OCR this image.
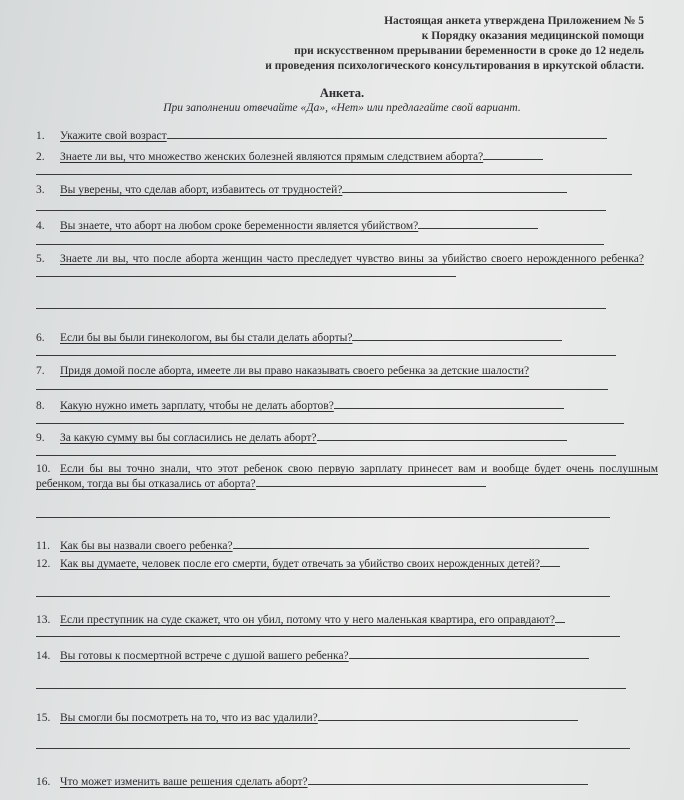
Настоящая анкета утверждена Приложением № 5
к Порядку оказания медицинской помощи
при искусственном прерывании беременности в сроке до 12 недель
и проведения психологического консультирования в иркутской области.
Анкета.
При заполнении отвечайте «Да», «Нет» или предлагайте свой вариант.
1. Укажите свой возраст
2. Знаете ли вы, что множество женских болезней являются прямым следствием аборта?
3. Вы уверены, что сделав аборт, избавитесь от трудностей?
4. Вы знаете, что аборт на любом сроке беременности является убийством?
5. Знаете ли вы, что после аборта женщин часто преследует чувство вины за убийство своего нерожденного ребенка?
6. Если бы вы были гинекологом, вы бы стали делать аборты?
7. Придя домой после аборта, имеете ли вы право наказывать своего ребенка за детские шалости?
8. Какую нужно иметь зарплату, чтобы не делать абортов?
9. За какую сумму вы бы согласились не делать аборт?
10. Если бы вы точно знали, что этот ребенок свою первую зарплату принесет вам и вообще будет очень послушным ребенком, тогда вы бы отказались от аборта?
11. Как бы вы назвали своего ребенка?
12. Как вы думаете, человек после его смерти, будет отвечать за убийство своих нерожденных детей?
13. Если преступник на суде скажет, что он убил, потому что у него маленькая квартира, его оправдают?
14. Вы готовы к посмертной встрече с душой вашего ребенка?
15. Вы смогли бы посмотреть на то, что из вас удалили?
16. Что может изменить ваше решения сделать аборт?
